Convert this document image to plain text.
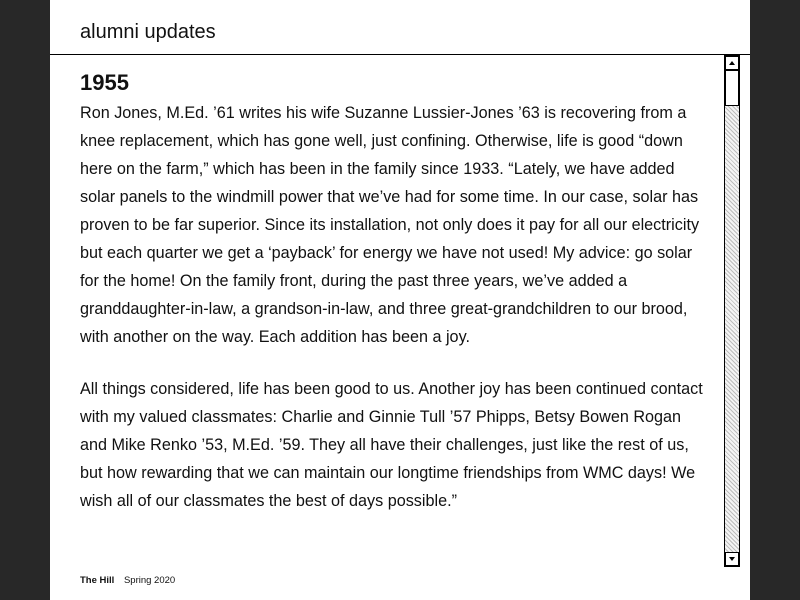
alumni updates
1955

Ron Jones, M.Ed. ’61 writes his wife Suzanne Lussier-Jones ’63 is recovering from a knee replacement, which has gone well, just confining. Otherwise, life is good “down here on the farm,” which has been in the family since 1933. “Lately, we have added solar panels to the windmill power that we’ve had for some time. In our case, solar has proven to be far superior. Since its installation, not only does it pay for all our electricity but each quarter we get a ‘payback’ for energy we have not used! My advice: go solar for the home! On the family front, during the past three years, we’ve added a granddaughter-in-law, a grandson-in-law, and three great-grandchildren to our brood, with another on the way. Each addition has been a joy.

All things considered, life has been good to us. Another joy has been continued contact with my valued classmates: Charlie and Ginnie Tull ’57 Phipps, Betsy Bowen Rogan and Mike Renko ’53, M.Ed. ’59. They all have their challenges, just like the rest of us, but how rewarding that we can maintain our longtime friendships from WMC days! We wish all of our classmates the best of days possible.”

The Hill Spring 2020
